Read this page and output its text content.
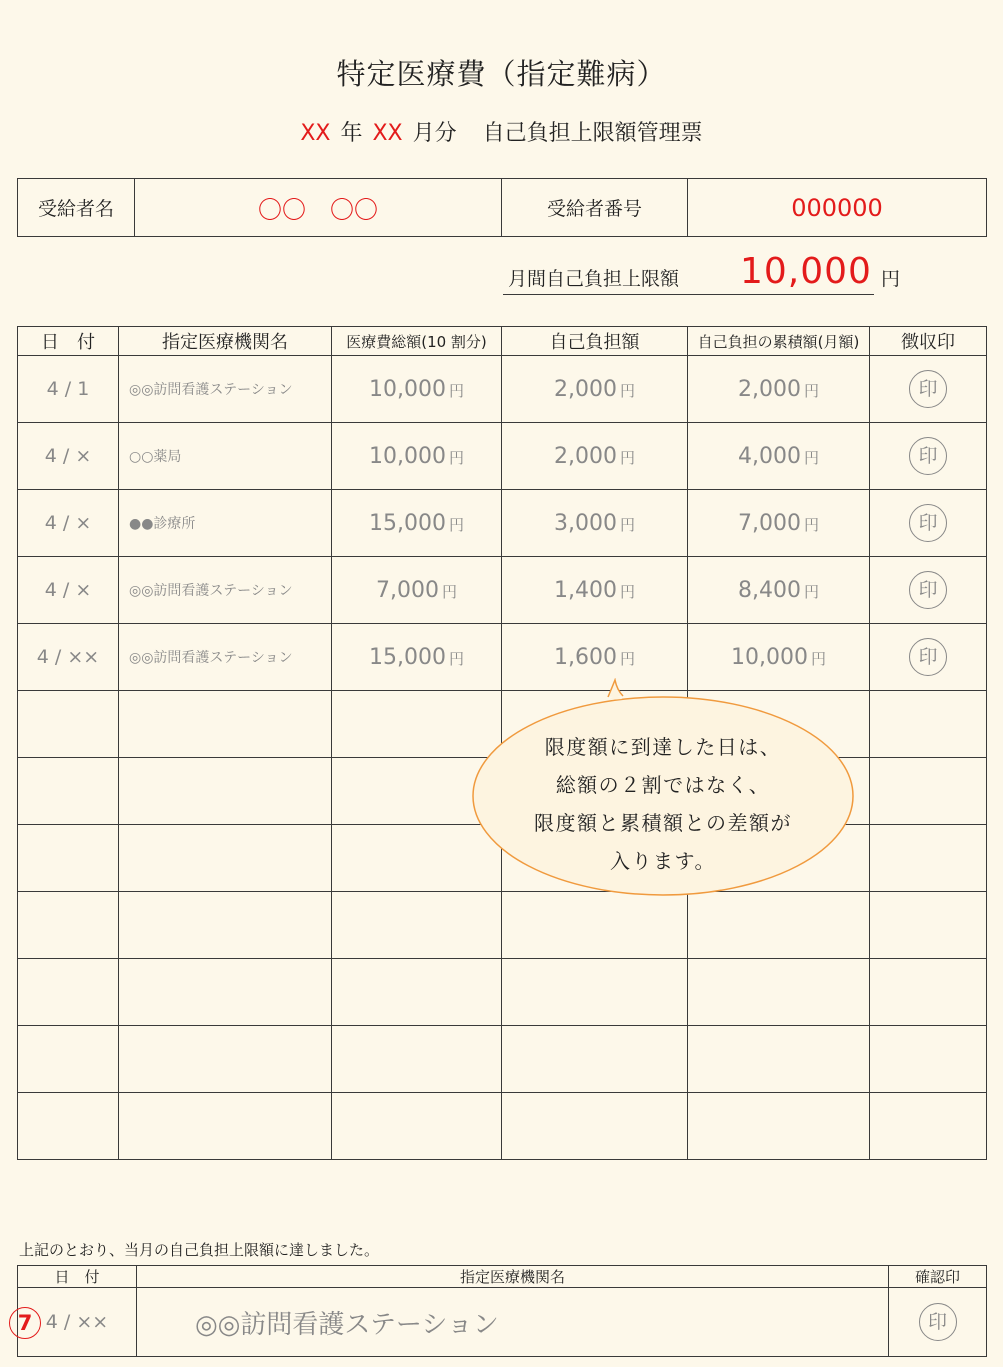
特定医療費（指定難病）
XX 年 XX 月分 自己負担上限額管理票
受給者名	〇〇　〇〇	受給者番号	000000
月間自己負担上限額 10,000 円
日　付	指定医療機関名	医療費総額(10 割分)	自己負担額	自己負担の累積額(月額)	徴収印
4 / 1	◎◎訪問看護ステーション	10,000 円	2,000 円	2,000 円	印
4 / ×	○○薬局	10,000 円	2,000 円	4,000 円	印
4 / ×	●●診療所	15,000 円	3,000 円	7,000 円	印
4 / ×	◎◎訪問看護ステーション	7,000 円	1,400 円	8,400 円	印
4 / ××	◎◎訪問看護ステーション	15,000 円	1,600 円	10,000 円	印

限度額に到達した日は、
総額の２割ではなく、
限度額と累積額との差額が
入ります。
上記のとおり、当月の自己負担上限額に達しました。
日　付	指定医療機関名	確認印

7 4 / ××	◎◎訪問看護ステーション	印
